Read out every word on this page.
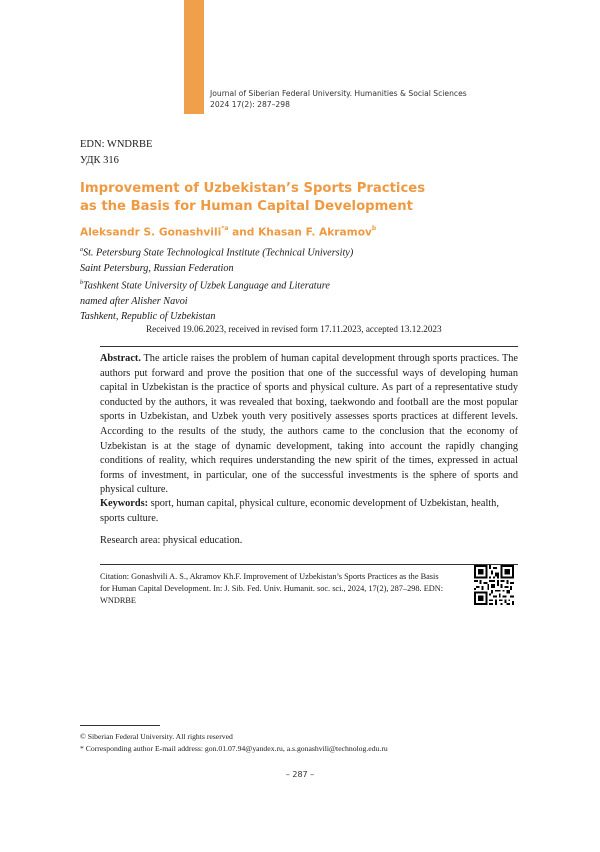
Journal of Siberian Federal University. Humanities & Social Sciences
2024 17(2): 287–298
EDN: WNDRBE
УДК 316
Improvement of Uzbekistan’s Sports Practices
as the Basis for Human Capital Development
Aleksandr S. Gonashvili$^{*a}$ and Khasan F. Akramov$^b$
$^a$St. Petersburg State Technological Institute (Technical University)
Saint Petersburg, Russian Federation
$^b$Tashkent State University of Uzbek Language and Literature
named after Alisher Navoi
Tashkent, Republic of Uzbekistan
Received 19.06.2023, received in revised form 17.11.2023, accepted 13.12.2023
Abstract. The article raises the problem of human capital development through sports practices. The authors put forward and prove the position that one of the successful ways of developing human capital in Uzbekistan is the practice of sports and physical culture. As part of a representative study conducted by the authors, it was revealed that boxing, taekwondo and football are the most popular sports in Uzbekistan, and Uzbek youth very positively assesses sports practices at different levels. According to the results of the study, the authors came to the conclusion that the economy of Uzbekistan is at the stage of dynamic development, taking into account the rapidly changing conditions of reality, which requires understanding the new spirit of the times, expressed in actual forms of investment, in particular, one of the successful investments is the sphere of sports and physical culture.
Keywords: sport, human capital, physical culture, economic development of Uzbekistan, health, sports culture.
Research area: physical education.
Citation: Gonashvili A. S., Akramov Kh.F. Improvement of Uzbekistan’s Sports Practices as the Basis for Human Capital Development. In: J. Sib. Fed. Univ. Humanit. soc. sci., 2024, 17(2), 287–298. EDN: WNDRBE
© Siberian Federal University. All rights reserved
* Corresponding author E-mail address: gon.01.07.94@yandex.ru, a.s.gonashvili@technolog.edu.ru
– 287 –
